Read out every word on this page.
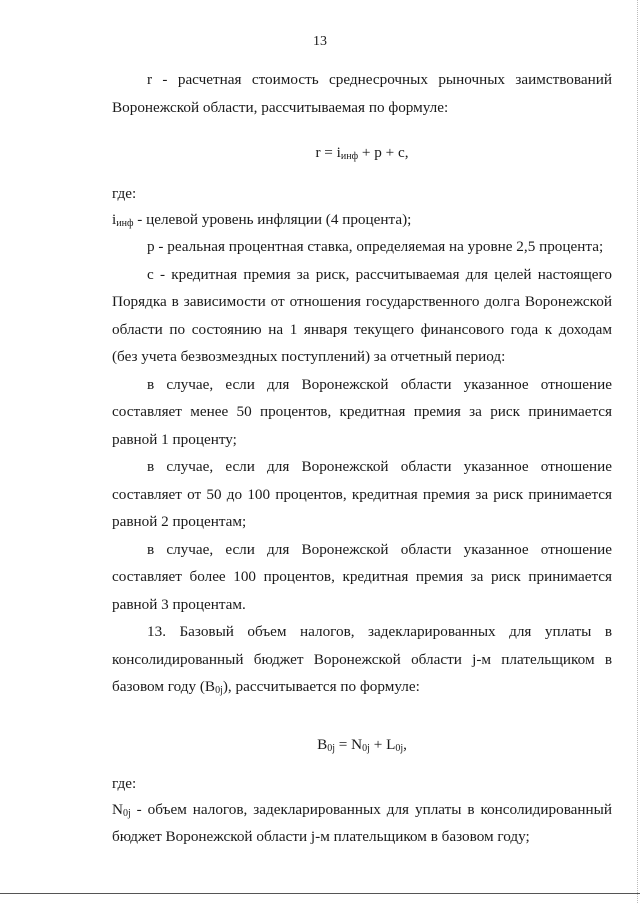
13

r - расчетная стоимость среднесрочных рыночных заимствований Воронежской области, рассчитываемая по формуле:

$r = i_{инф} + p + c$,

где:

$i_{инф}$ - целевой уровень инфляции (4 процента);

p - реальная процентная ставка, определяемая на уровне 2,5 процента;

c - кредитная премия за риск, рассчитываемая для целей настоящего Порядка в зависимости от отношения государственного долга Воронежской области по состоянию на 1 января текущего финансового года к доходам (без учета безвозмездных поступлений) за отчетный период:

в случае, если для Воронежской области указанное отношение составляет менее 50 процентов, кредитная премия за риск принимается равной 1 проценту;

в случае, если для Воронежской области указанное отношение составляет от 50 до 100 процентов, кредитная премия за риск принимается равной 2 процентам;

в случае, если для Воронежской области указанное отношение составляет более 100 процентов, кредитная премия за риск принимается равной 3 процентам.

13. Базовый объем налогов, задекларированных для уплаты в консолидированный бюджет Воронежской области j-м плательщиком в базовом году $(B_{0j})$, рассчитывается по формуле:

$B_{0j} = N_{0j} + L_{0j}$,

где:

$N_{0j}$ - объем налогов, задекларированных для уплаты в консолидированный бюджет Воронежской области j-м плательщиком в базовом году;
